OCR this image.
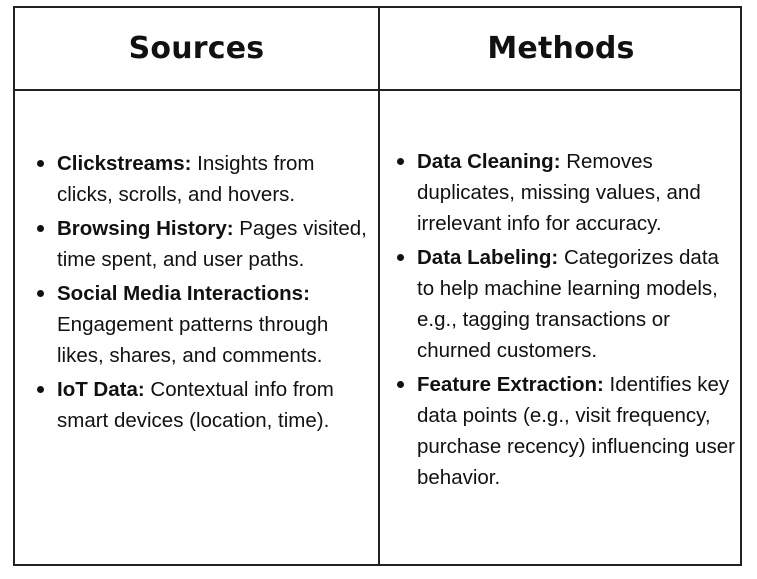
Sources	Methods
Clickstreams: Insights from clicks, scrolls, and hovers.
Browsing History: Pages visited, time spent, and user paths.
Social Media Interactions: Engagement patterns through likes, shares, and comments.
IoT Data: Contextual info from smart devices (location, time).
Data Cleaning: Removes duplicates, missing values, and irrelevant info for accuracy.
Data Labeling: Categorizes data to help machine learning models, e.g., tagging transactions or churned customers.
Feature Extraction: Identifies key data points (e.g., visit frequency, purchase recency) influencing user behavior.
